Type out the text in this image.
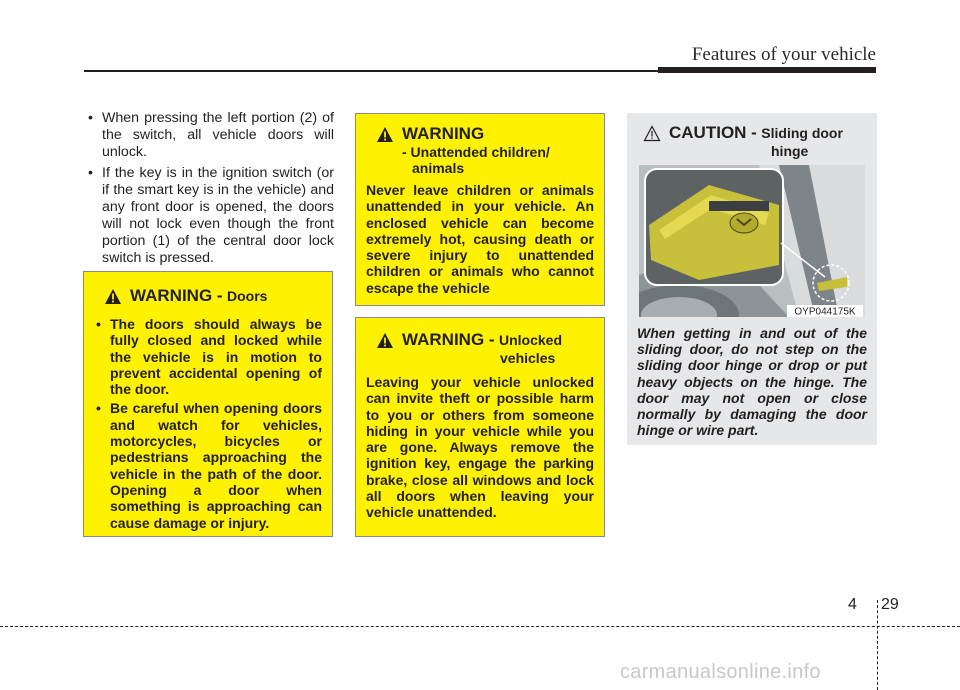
Features of your vehicle
• When pressing the left portion (2) of the switch, all vehicle doors will unlock.
• If the key is in the ignition switch (or if the smart key is in the vehicle) and any front door is opened, the doors will not lock even though the front portion (1) of the central door lock switch is pressed.
WARNING - Doors
• The doors should always be fully closed and locked while the vehicle is in motion to prevent accidental opening of the door.
• Be careful when opening doors and watch for vehicles, motorcycles, bicycles or pedestrians approaching the vehicle in the path of the door. Opening a door when something is approaching can cause damage or injury.
WARNING
- Unattended children/
animals
Never leave children or animals unattended in your vehicle. An enclosed vehicle can become extremely hot, causing death or severe injury to unattended children or animals who cannot escape the vehicle
WARNING - Unlocked
vehicles
Leaving your vehicle unlocked can invite theft or possible harm to you or others from someone hiding in your vehicle while you are gone. Always remove the ignition key, engage the parking brake, close all windows and lock all doors when leaving your vehicle unattended.
CAUTION - Sliding door
hinge
OYP044175K
When getting in and out of the sliding door, do not step on the sliding door hinge or drop or put heavy objects on the hinge. The door may not open or close normally by damaging the door hinge or wire part.
4 29
carmanualsonline.info
